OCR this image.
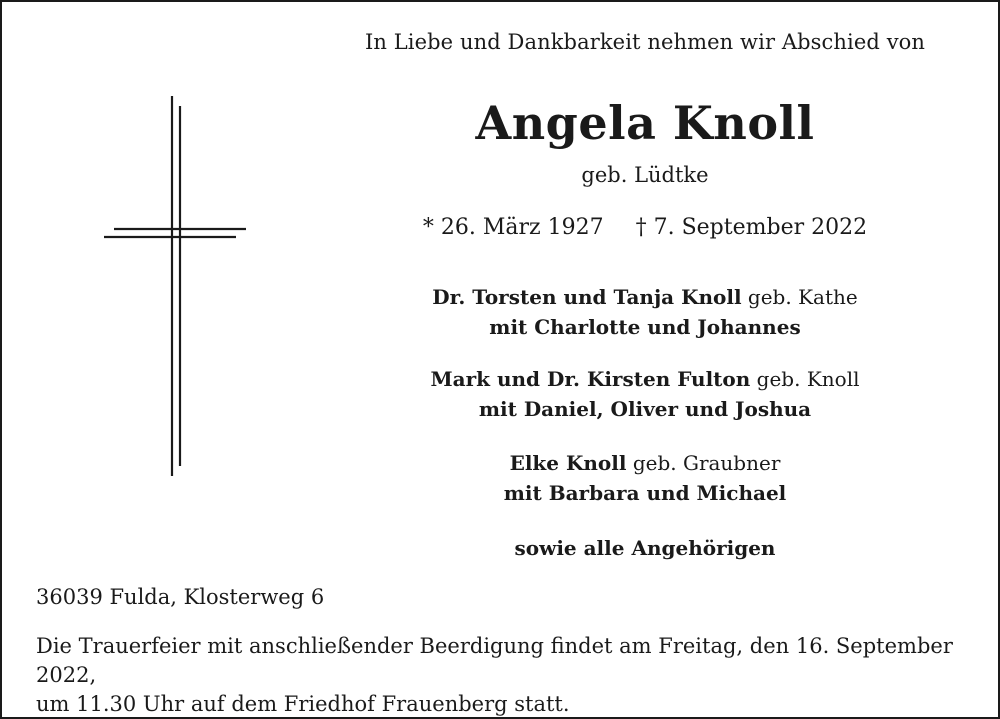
In Liebe und Dankbarkeit nehmen wir Abschied von
Angela Knoll
geb. Lüdtke
* 26. März 1927 † 7. September 2022
Dr. Torsten und Tanja Knoll geb. Kathe
mit Charlotte und Johannes
Mark und Dr. Kirsten Fulton geb. Knoll
mit Daniel, Oliver und Joshua
Elke Knoll geb. Graubner
mit Barbara und Michael
sowie alle Angehörigen
36039 Fulda, Klosterweg 6
Die Trauerfeier mit anschließender Beerdigung findet am Freitag, den 16. September 2022,
um 11.30 Uhr auf dem Friedhof Frauenberg statt.
